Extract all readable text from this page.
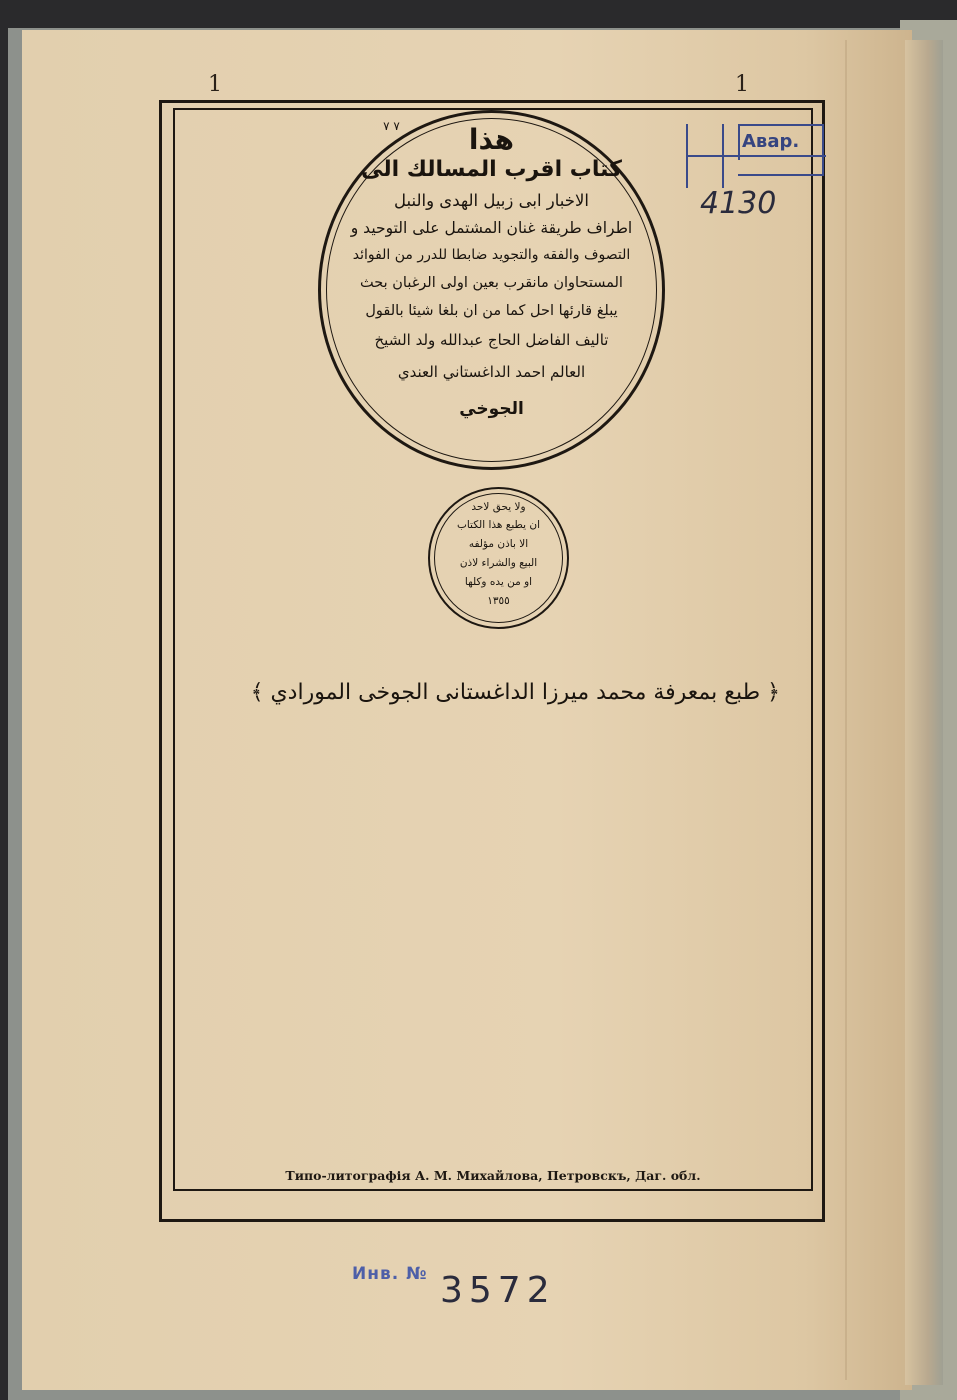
1	1
Авар.
4130
٧ ٧	هذا
كتاب اقرب المسالك الى
الاخبار ابى زبيل الهدى والنبل
اطراف طريقة غنان المشتمل على التوحيد و
التصوف والفقه والتجويد ضابطا للدرر من الفوائد
المستحاوان مانقرب بعين اولى الرغبان بحث
يبلغ قارئها احل كما من ان بلغا شيئا بالقول
تاليف الفاضل الحاج عبدالله ولد الشيخ
العالم احمد الداغستاني العندي
الجوخي
ولا يحق لاحد
ان يطبع هذا الكتاب
الا باذن مؤلفه
البيع والشراء لاذن
او من يده وكلها
١٣٥٥
﴿ طبع بمعرفة محمد ميرزا الداغستانى الجوخى المورادي ﴾
Типо-литографія А. М. Михайлова, Петровскъ, Даг. обл.
Инв. № 3572
